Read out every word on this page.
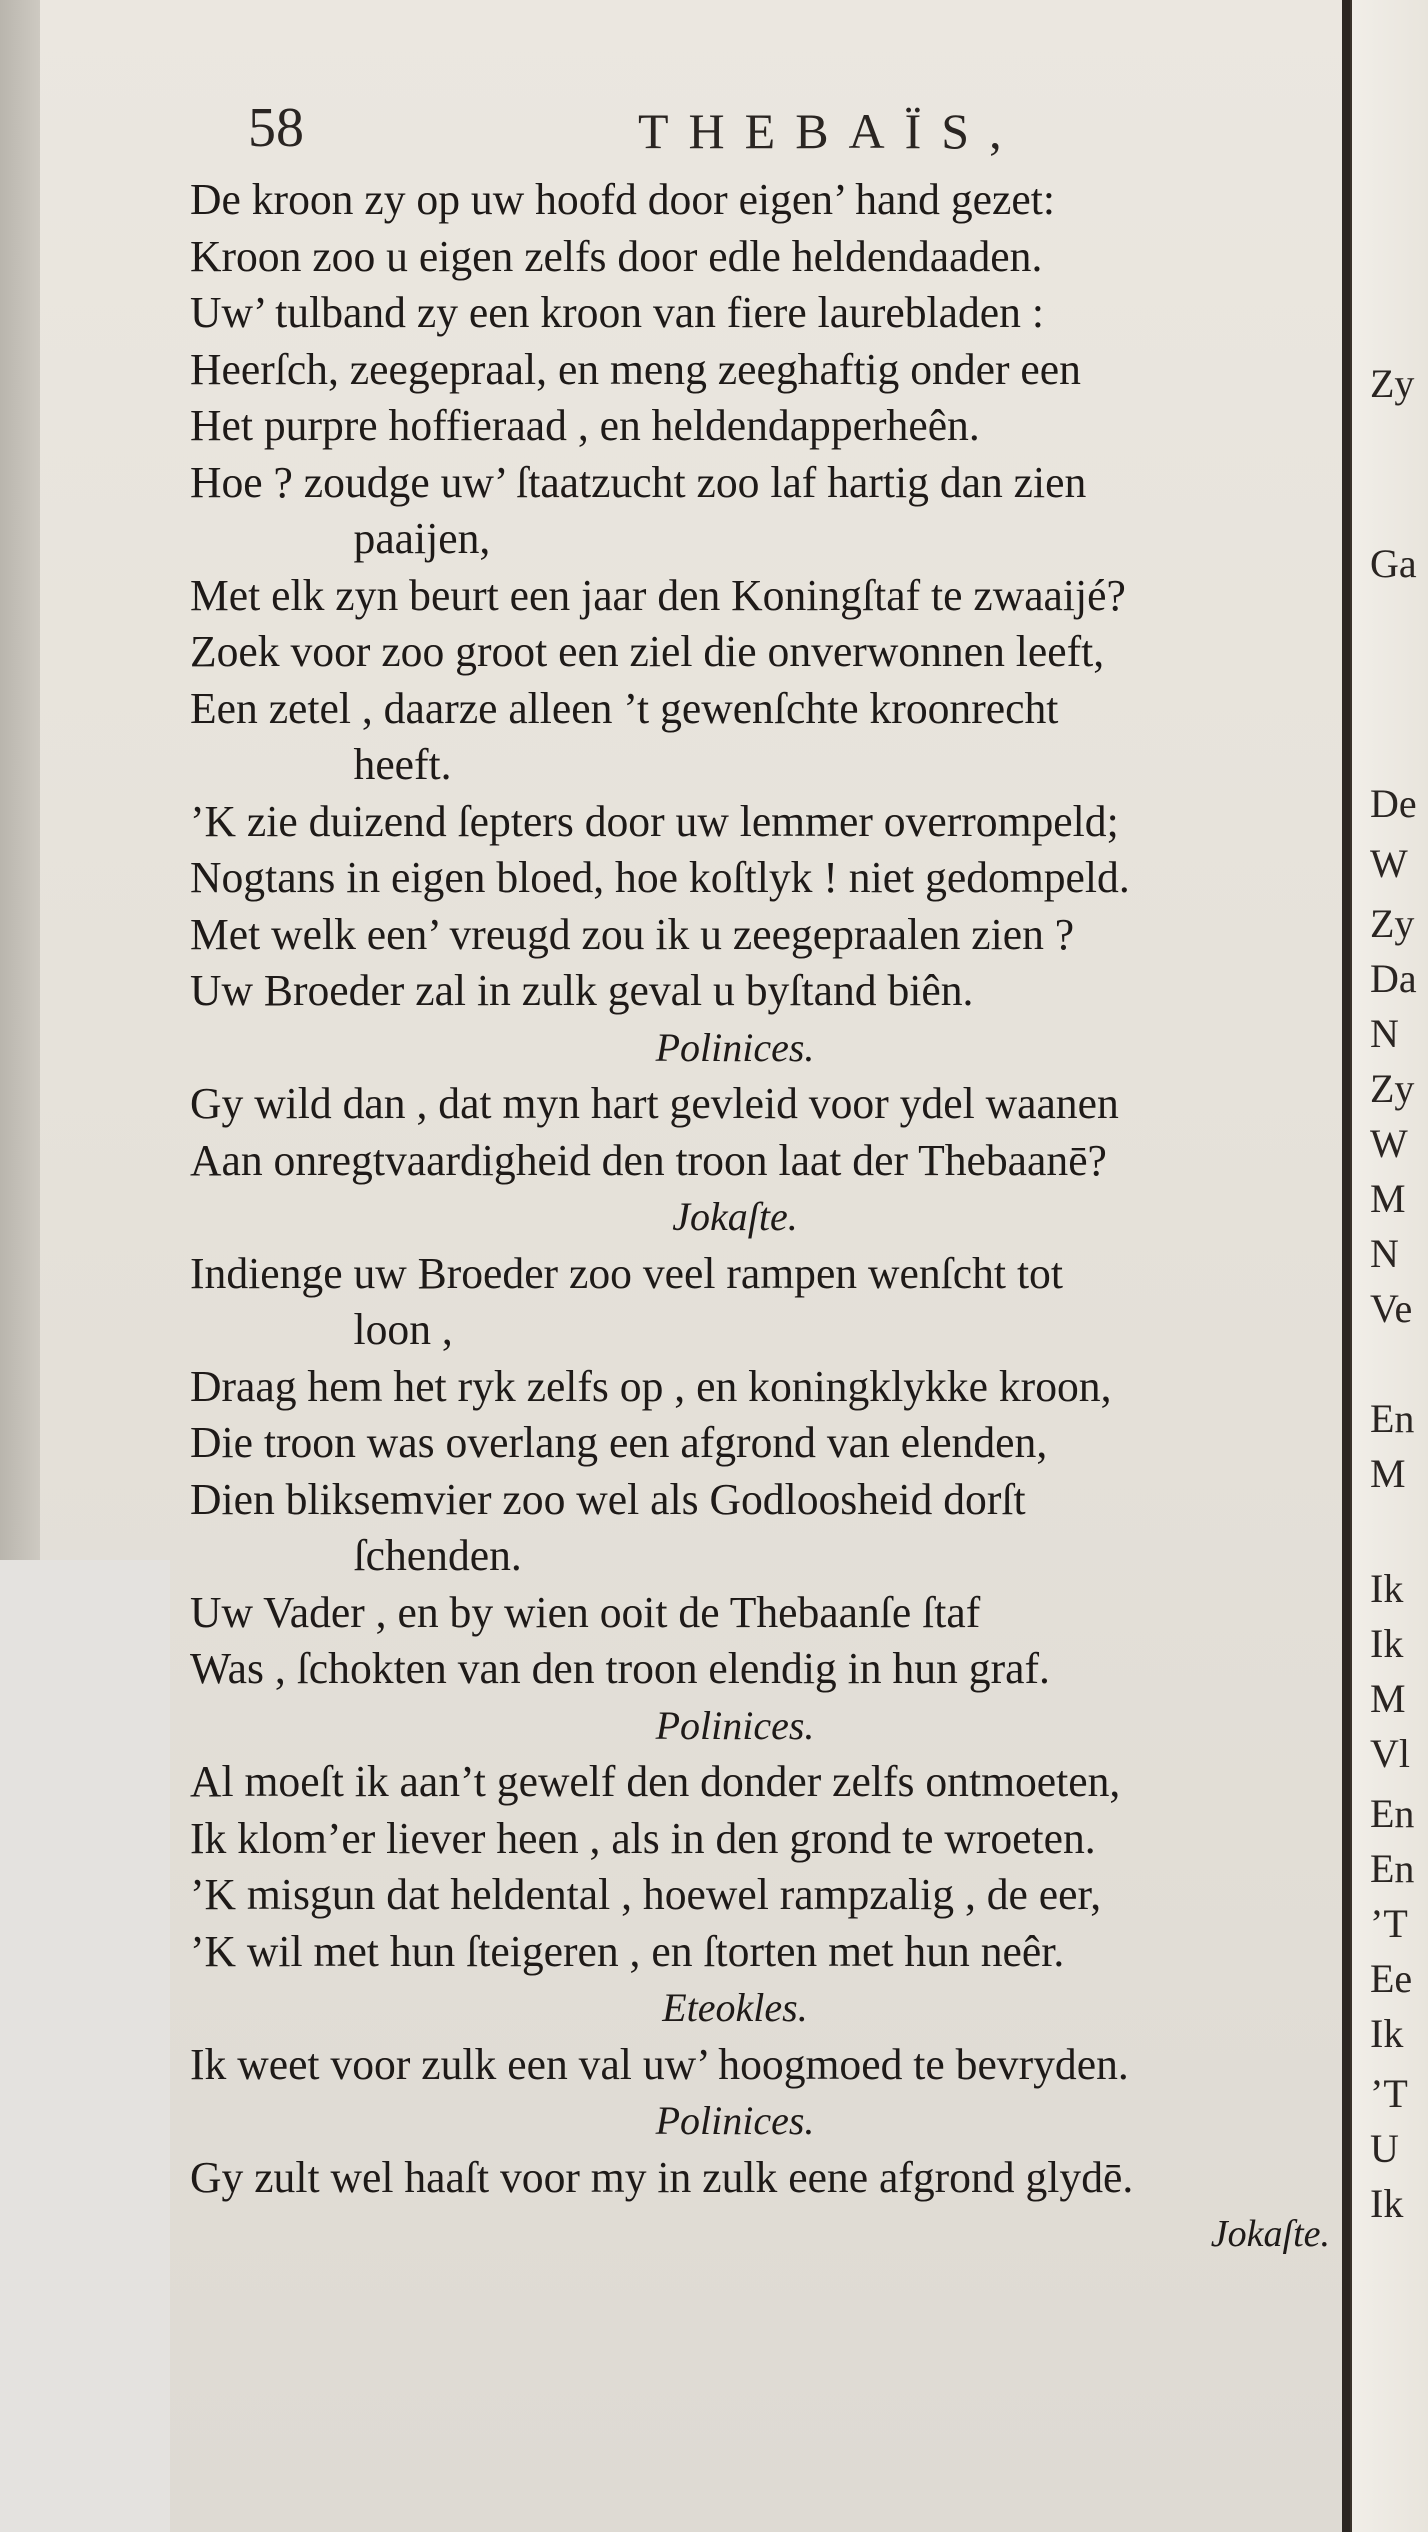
58	THEBAÏS,
De kroon zy op uw hoofd door eigen’ hand gezet:
Kroon zoo u eigen zelfs door edle heldendaaden.
Uw’ tulband zy een kroon van fiere laurebladen :
Heerſch, zeegepraal, en meng zeeghaftig onder een
Het purpre hoffieraad , en heldendapperheên.
Hoe ? zoudge uw’ ſtaatzucht zoo laf hartig dan zien
paaijen,
Met elk zyn beurt een jaar den Koningſtaf te zwaaijé?
Zoek voor zoo groot een ziel die onverwonnen leeft,
Een zetel , daarze alleen ’t gewenſchte kroonrecht
heeft.
’K zie duizend ſepters door uw lemmer overrompeld;
Nogtans in eigen bloed, hoe koſtlyk ! niet gedompeld.
Met welk een’ vreugd zou ik u zeegepraalen zien ?
Uw Broeder zal in zulk geval u byſtand biên.
Polinices.
Gy wild dan , dat myn hart gevleid voor ydel waanen
Aan onregtvaardigheid den troon laat der Thebaanē?
Jokaſte.
Indienge uw Broeder zoo veel rampen wenſcht tot
loon ,
Draag hem het ryk zelfs op , en koningklykke kroon,
Die troon was overlang een afgrond van elenden,
Dien bliksemvier zoo wel als Godloosheid dorſt
ſchenden.
Uw Vader , en by wien ooit de Thebaanſe ſtaf
Was , ſchokten van den troon elendig in hun graf.
Polinices.
Al moeſt ik aan’t gewelf den donder zelfs ontmoeten,
Ik klom’er liever heen , als in den grond te wroeten.
’K misgun dat heldental , hoewel rampzalig , de eer,
’K wil met hun ſteigeren , en ſtorten met hun neêr.
Eteokles.
Ik weet voor zulk een val uw’ hoogmoed te bevryden.
Polinices.
Gy zult wel haaſt voor my in zulk eene afgrond glydē.
Jokaſte.
Zy
Ga
De
W
Zy
Da
N
Zy
W
M
N
Ve
En
M
Ik
Ik
M
Vl
En
En
’T
Ee
Ik
’T
U
Ik
